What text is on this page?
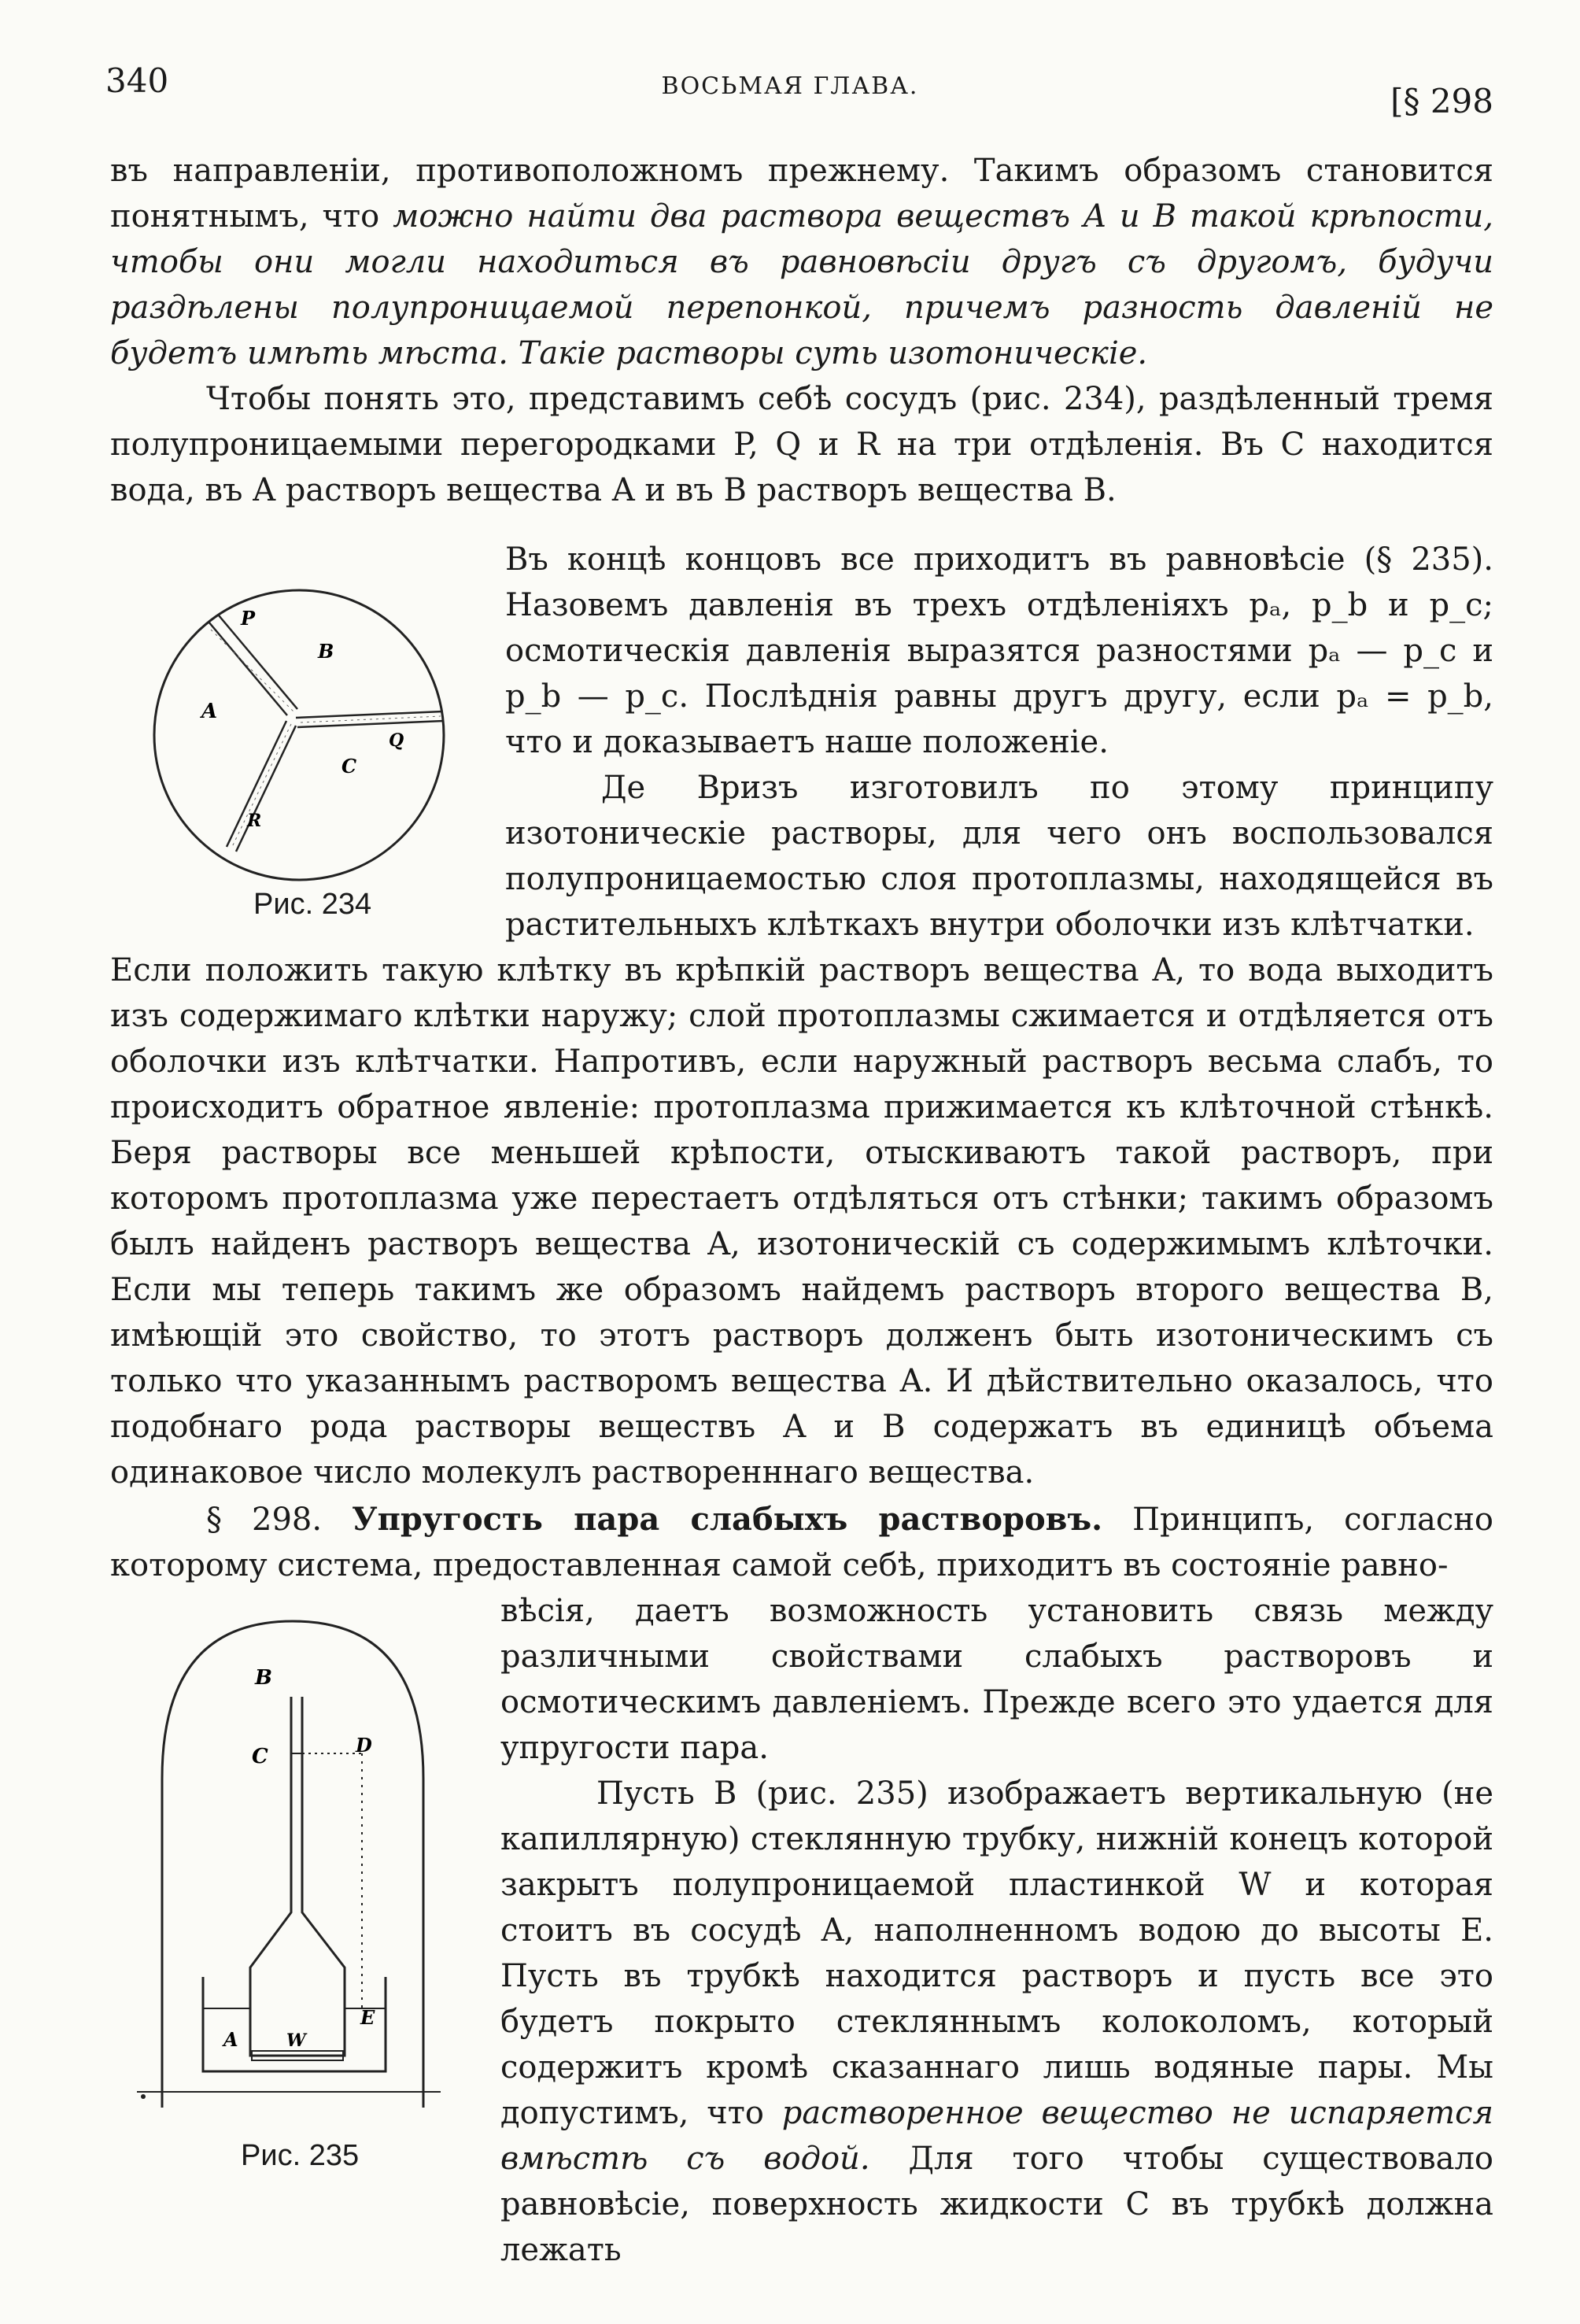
340	ВОСЬМАЯ ГЛАВА.	[§ 298

въ направленіи, противоположномъ прежнему. Такимъ образомъ становится понятнымъ, что можно найти два раствора веществъ A и B такой крѣпости, чтобы они могли находиться въ равновѣсіи другъ съ другомъ, будучи раздѣлены полупроницаемой перепонкой, причемъ разность давленій не будетъ имѣть мѣста. Такіе растворы суть изотоническіе.

Чтобы понять это, представимъ себѣ сосудъ (рис. 234), раздѣленный тремя полупроницаемыми перегородками P, Q и R на три отдѣленія. Въ C находится вода, въ A растворъ вещества A и въ B растворъ вещества B.

P
B
A
Q
C
R
Рис. 234

Въ концѣ концовъ все приходитъ въ равновѣсіе (§ 235). Назовемъ давленія въ трехъ отдѣленіяхъ pₐ, p_b и p_c; осмотическія давленія выразятся разностями pₐ — p_c и p_b — p_c. Послѣднія равны другъ другу, если pₐ = p_b, что и доказываетъ наше положеніе.

Де Вризъ изготовилъ по этому принципу изотоническіе растворы, для чего онъ воспользовался полупроницаемостью слоя протоплазмы, находящейся въ растительныхъ клѣткахъ внутри оболочки изъ клѣтчатки.

Если положить такую клѣтку въ крѣпкій растворъ вещества A, то вода выходитъ изъ содержимаго клѣтки наружу; слой протоплазмы сжимается и отдѣляется отъ оболочки изъ клѣтчатки. Напротивъ, если наружный растворъ весьма слабъ, то происходитъ обратное явленіе: протоплазма прижимается къ клѣточной стѣнкѣ. Беря растворы все меньшей крѣпости, отыскиваютъ такой растворъ, при которомъ протоплазма уже перестаетъ отдѣляться отъ стѣнки; такимъ образомъ былъ найденъ растворъ вещества A, изотоническій съ содержимымъ клѣточки. Если мы теперь такимъ же образомъ найдемъ растворъ второго вещества B, имѣющій это свойство, то этотъ растворъ долженъ быть изотоническимъ съ только что указаннымъ растворомъ вещества A. И дѣйствительно оказалось, что подобнаго рода растворы веществъ A и B содержатъ въ единицѣ объема одинаковое число молекулъ растворенннаго вещества.

§ 298. Упругость пара слабыхъ растворовъ. Принципъ, согласно которому система, предоставленная самой себѣ, приходитъ въ состояніе равно-

B
C	D
A	W
E
Рис. 235

вѣсія, даетъ возможность установить связь между различными свойствами слабыхъ растворовъ и осмотическимъ давленіемъ. Прежде всего это удается для упругости пара.

Пусть B (рис. 235) изображаетъ вертикальную (не капиллярную) стеклянную трубку, нижній конецъ которой закрытъ полупроницаемой пластинкой W и которая стоитъ въ сосудѣ A, наполненномъ водою до высоты E. Пусть въ трубкѣ находится растворъ и пусть все это будетъ покрыто стекляннымъ колоколомъ, который содержитъ кромѣ сказаннаго лишь водяные пары. Мы допустимъ, что растворенное вещество не испаряется вмѣстѣ съ водой. Для того чтобы существовало равновѣсіе, поверхность жидкости C въ трубкѣ должна лежать
